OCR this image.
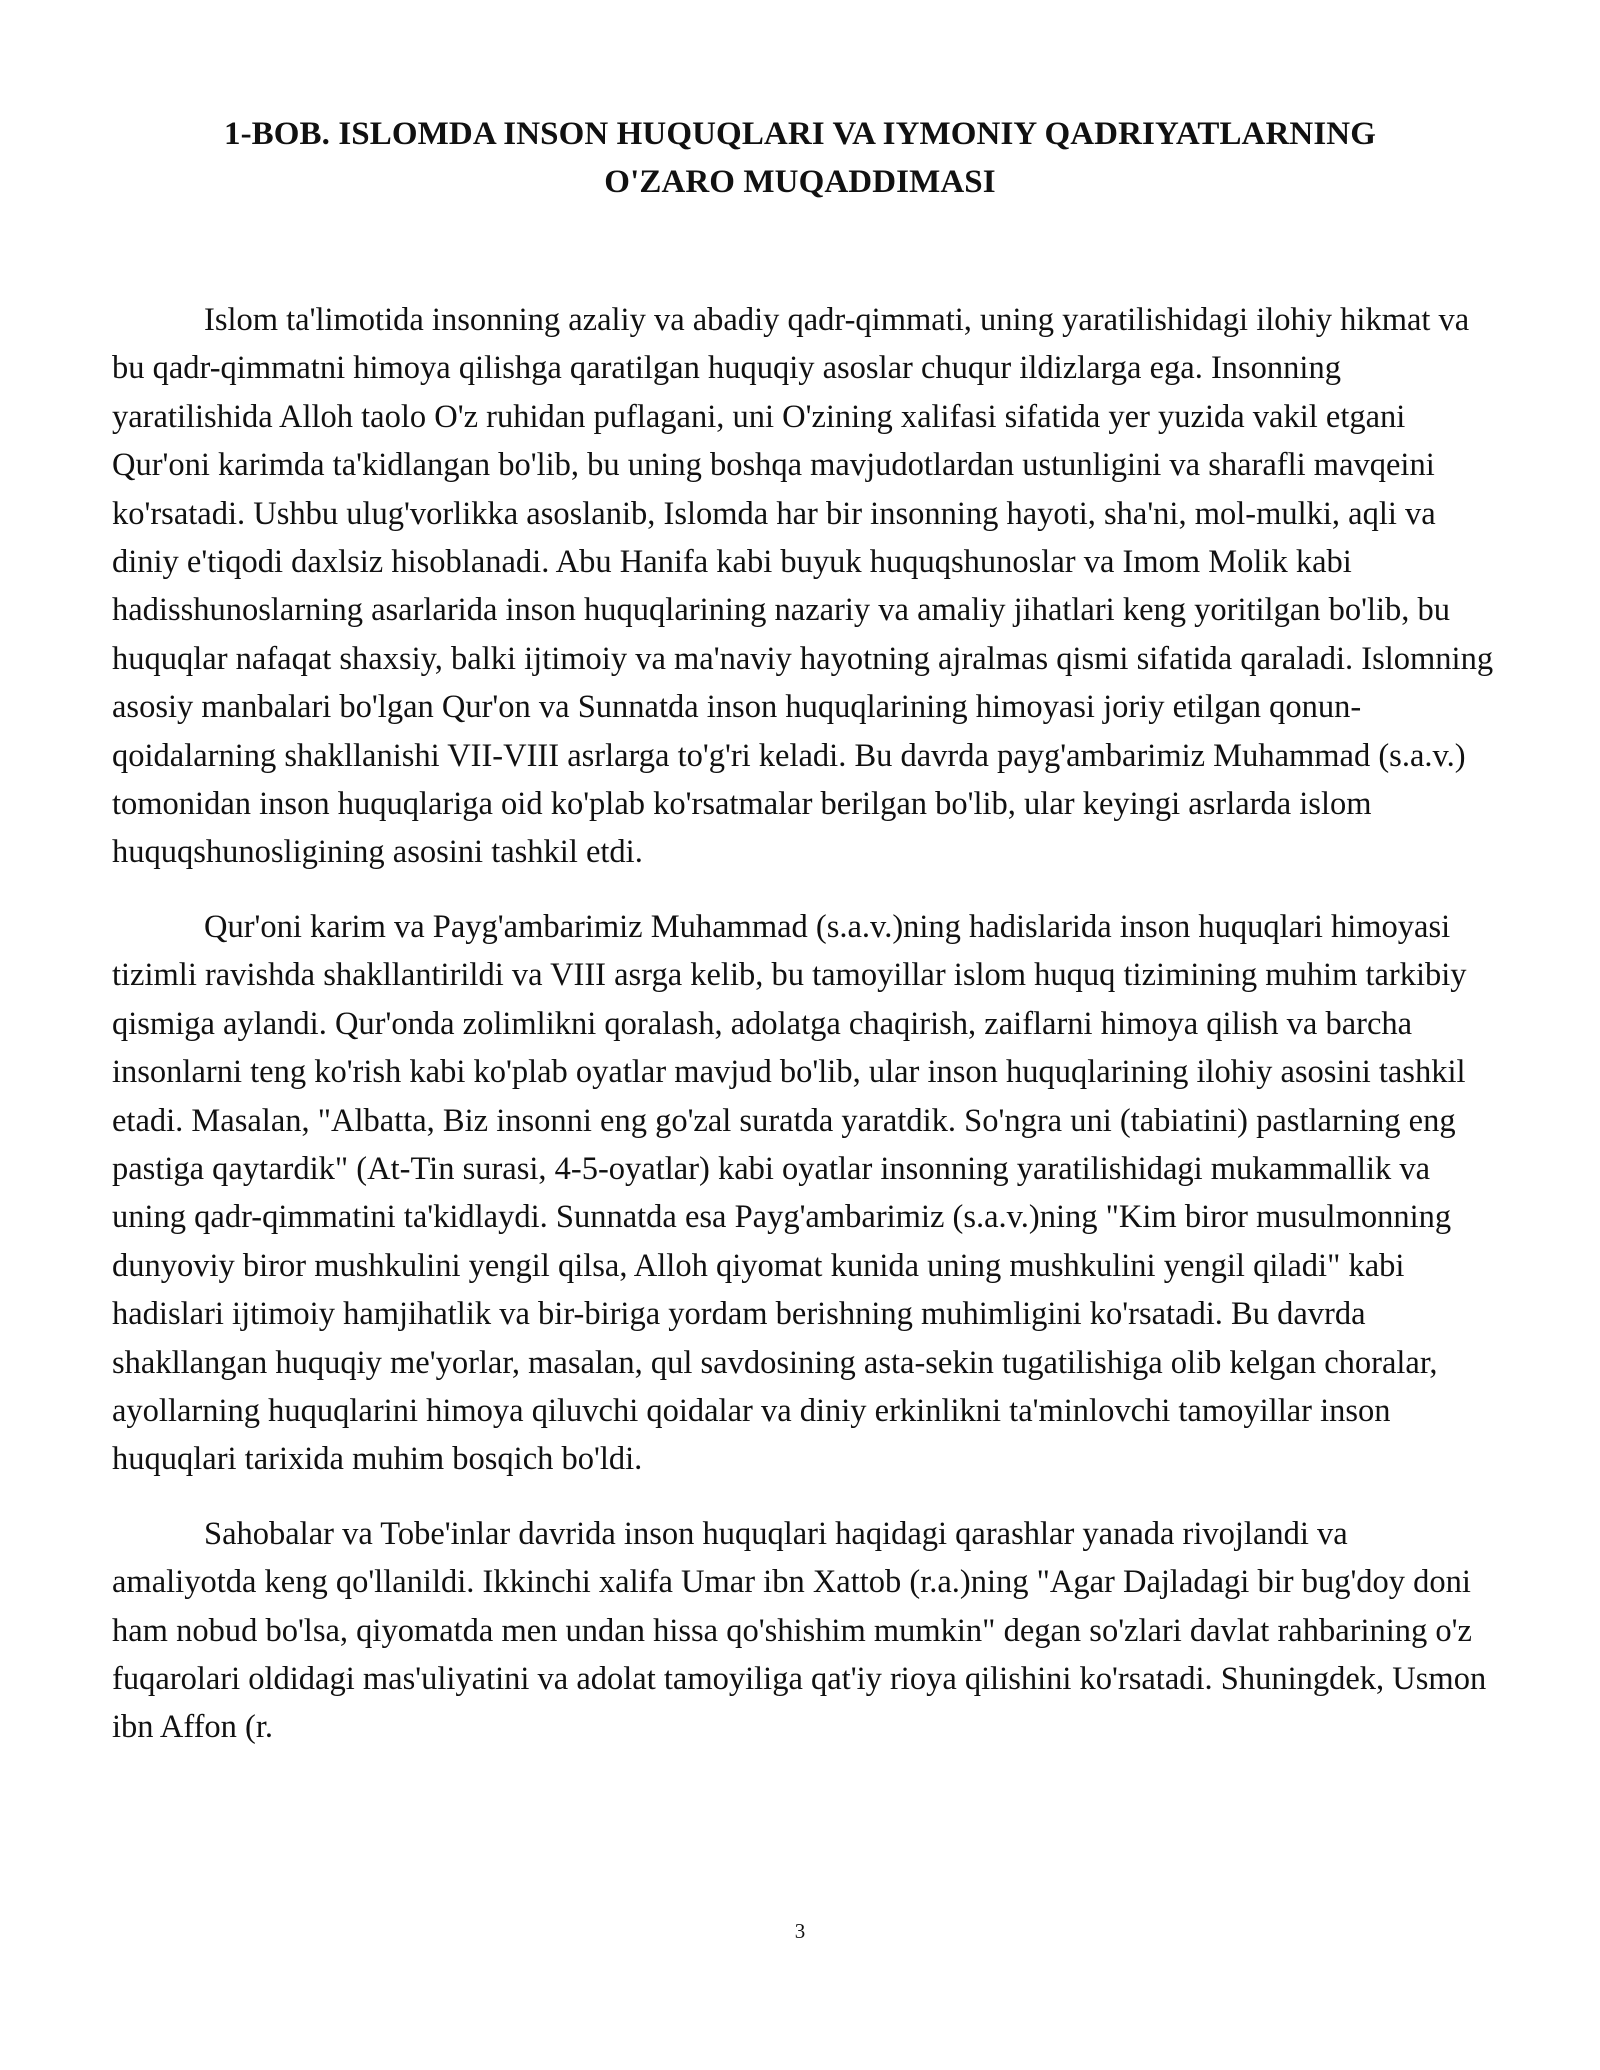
1-BOB. ISLOMDA INSON HUQUQLARI VA IYMONIY QADRIYATLARNING
O'ZARO MUQADDIMASI

Islom ta'limotida insonning azaliy va abadiy qadr-qimmati, uning yaratilishidagi ilohiy hikmat va bu qadr-qimmatni himoya qilishga qaratilgan huquqiy asoslar chuqur ildizlarga ega. Insonning yaratilishida Alloh taolo O'z ruhidan puflagani, uni O'zining xalifasi sifatida yer yuzida vakil etgani Qur'oni karimda ta'kidlangan bo'lib, bu uning boshqa mavjudotlardan ustunligini va sharafli mavqeini ko'rsatadi. Ushbu ulug'vorlikka asoslanib, Islomda har bir insonning hayoti, sha'ni, mol-mulki, aqli va diniy e'tiqodi daxlsiz hisoblanadi. Abu Hanifa kabi buyuk huquqshunoslar va Imom Molik kabi hadisshunoslarning asarlarida inson huquqlarining nazariy va amaliy jihatlari keng yoritilgan bo'lib, bu huquqlar nafaqat shaxsiy, balki ijtimoiy va ma'naviy hayotning ajralmas qismi sifatida qaraladi. Islomning asosiy manbalari bo'lgan Qur'on va Sunnatda inson huquqlarining himoyasi joriy etilgan qonun-qoidalarning shakllanishi VII-VIII asrlarga to'g'ri keladi. Bu davrda payg'ambarimiz Muhammad (s.a.v.) tomonidan inson huquqlariga oid ko'plab ko'rsatmalar berilgan bo'lib, ular keyingi asrlarda islom huquqshunosligining asosini tashkil etdi.

Qur'oni karim va Payg'ambarimiz Muhammad (s.a.v.)ning hadislarida inson huquqlari himoyasi tizimli ravishda shakllantirildi va VIII asrga kelib, bu tamoyillar islom huquq tizimining muhim tarkibiy qismiga aylandi. Qur'onda zolimlikni qoralash, adolatga chaqirish, zaiflarni himoya qilish va barcha insonlarni teng ko'rish kabi ko'plab oyatlar mavjud bo'lib, ular inson huquqlarining ilohiy asosini tashkil etadi. Masalan, "Albatta, Biz insonni eng go'zal suratda yaratdik. So'ngra uni (tabiatini) pastlarning eng pastiga qaytardik" (At-Tin surasi, 4-5-oyatlar) kabi oyatlar insonning yaratilishidagi mukammallik va uning qadr-qimmatini ta'kidlaydi. Sunnatda esa Payg'ambarimiz (s.a.v.)ning "Kim biror musulmonning dunyoviy biror mushkulini yengil qilsa, Alloh qiyomat kunida uning mushkulini yengil qiladi" kabi hadislari ijtimoiy hamjihatlik va bir-biriga yordam berishning muhimligini ko'rsatadi. Bu davrda shakllangan huquqiy me'yorlar, masalan, qul savdosining asta-sekin tugatilishiga olib kelgan choralar, ayollarning huquqlarini himoya qiluvchi qoidalar va diniy erkinlikni ta'minlovchi tamoyillar inson huquqlari tarixida muhim bosqich bo'ldi.

Sahobalar va Tobe'inlar davrida inson huquqlari haqidagi qarashlar yanada rivojlandi va amaliyotda keng qo'llanildi. Ikkinchi xalifa Umar ibn Xattob (r.a.)ning "Agar Dajladagi bir bug'doy doni ham nobud bo'lsa, qiyomatda men undan hissa qo'shishim mumkin" degan so'zlari davlat rahbarining o'z fuqarolari oldidagi mas'uliyatini va adolat tamoyiliga qat'iy rioya qilishini ko'rsatadi. Shuningdek, Usmon ibn Affon (r.

3
